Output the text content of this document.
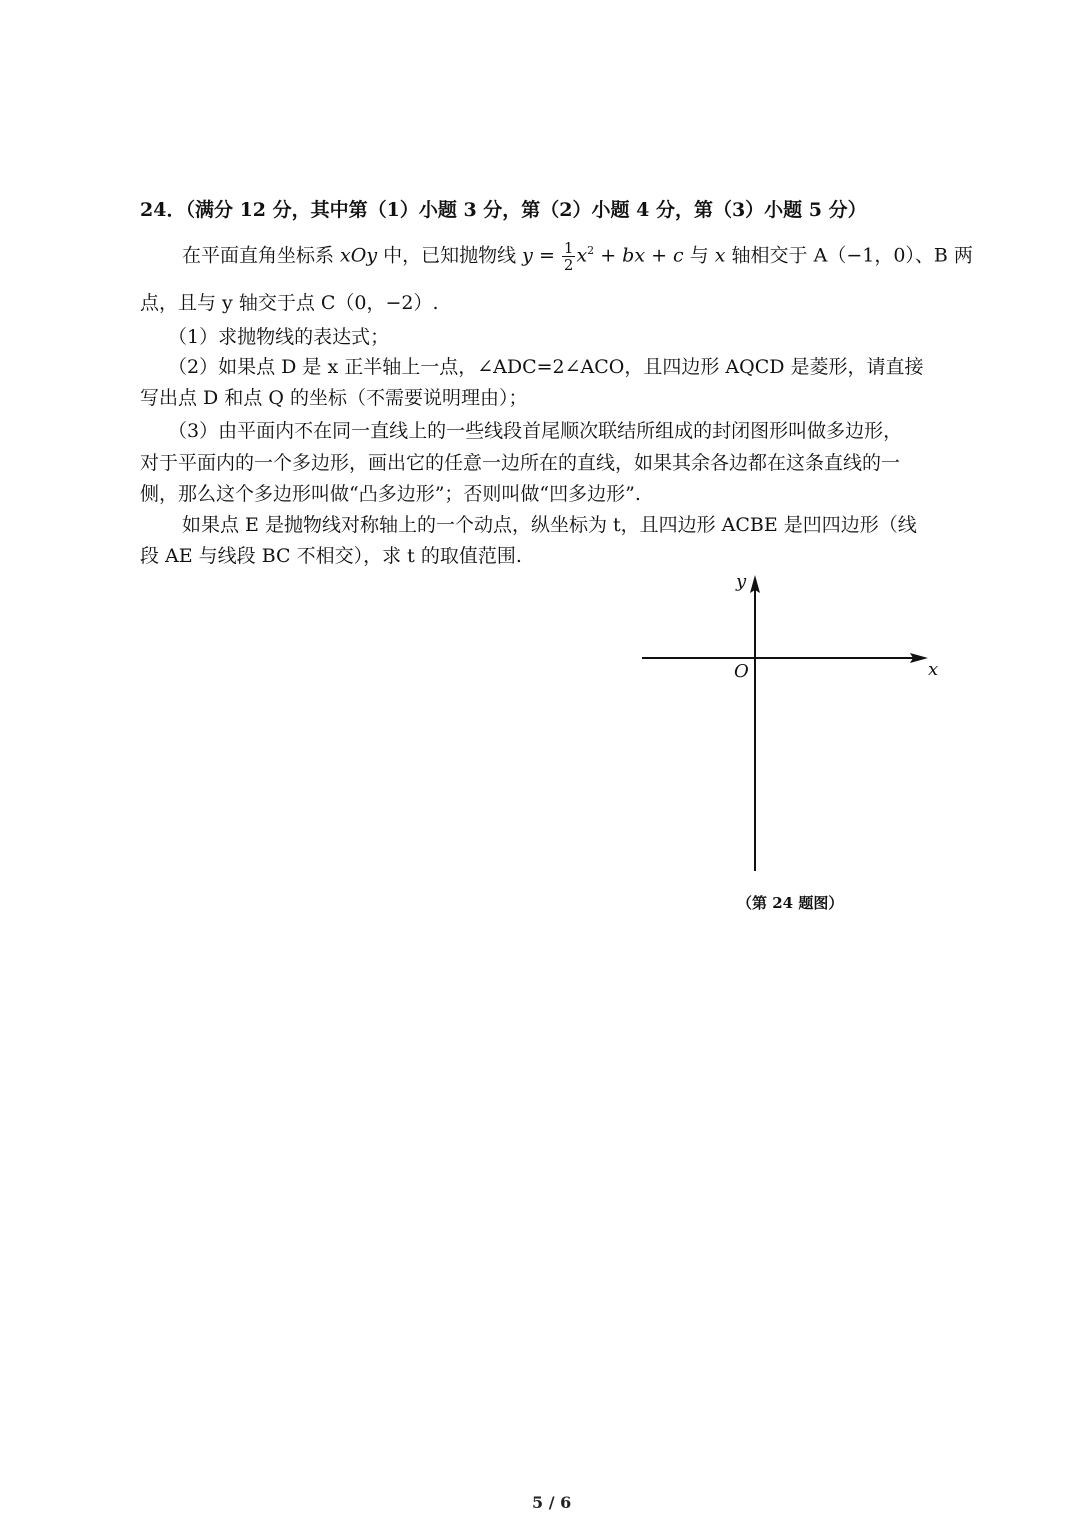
24．（满分 12 分，其中第（1）小题 3 分，第（2）小题 4 分，第（3）小题 5 分）
在平面直角坐标系 xOy 中，已知抛物线 $y = \frac{1}{2} x^2$ + bx + c 与 x 轴相交于 A（−1，0）、B 两
点，且与 y 轴交于点 C（0，−2）.
（1）求抛物线的表达式；
（2）如果点 D 是 x 正半轴上一点，∠ADC=2∠ACO，且四边形 AQCD 是菱形，请直接
写出点 D 和点 Q 的坐标（不需要说明理由）；
（3）由平面内不在同一直线上的一些线段首尾顺次联结所组成的封闭图形叫做多边形，
对于平面内的一个多边形，画出它的任意一边所在的直线，如果其余各边都在这条直线的一
侧，那么这个多边形叫做“凸多边形”；否则叫做“凹多边形”.
如果点 E 是抛物线对称轴上的一个动点，纵坐标为 t，且四边形 ACBE 是凹四边形（线
段 AE 与线段 BC 不相交），求 t 的取值范围.
x
y
O
（第 24 题图）
5 / 6
